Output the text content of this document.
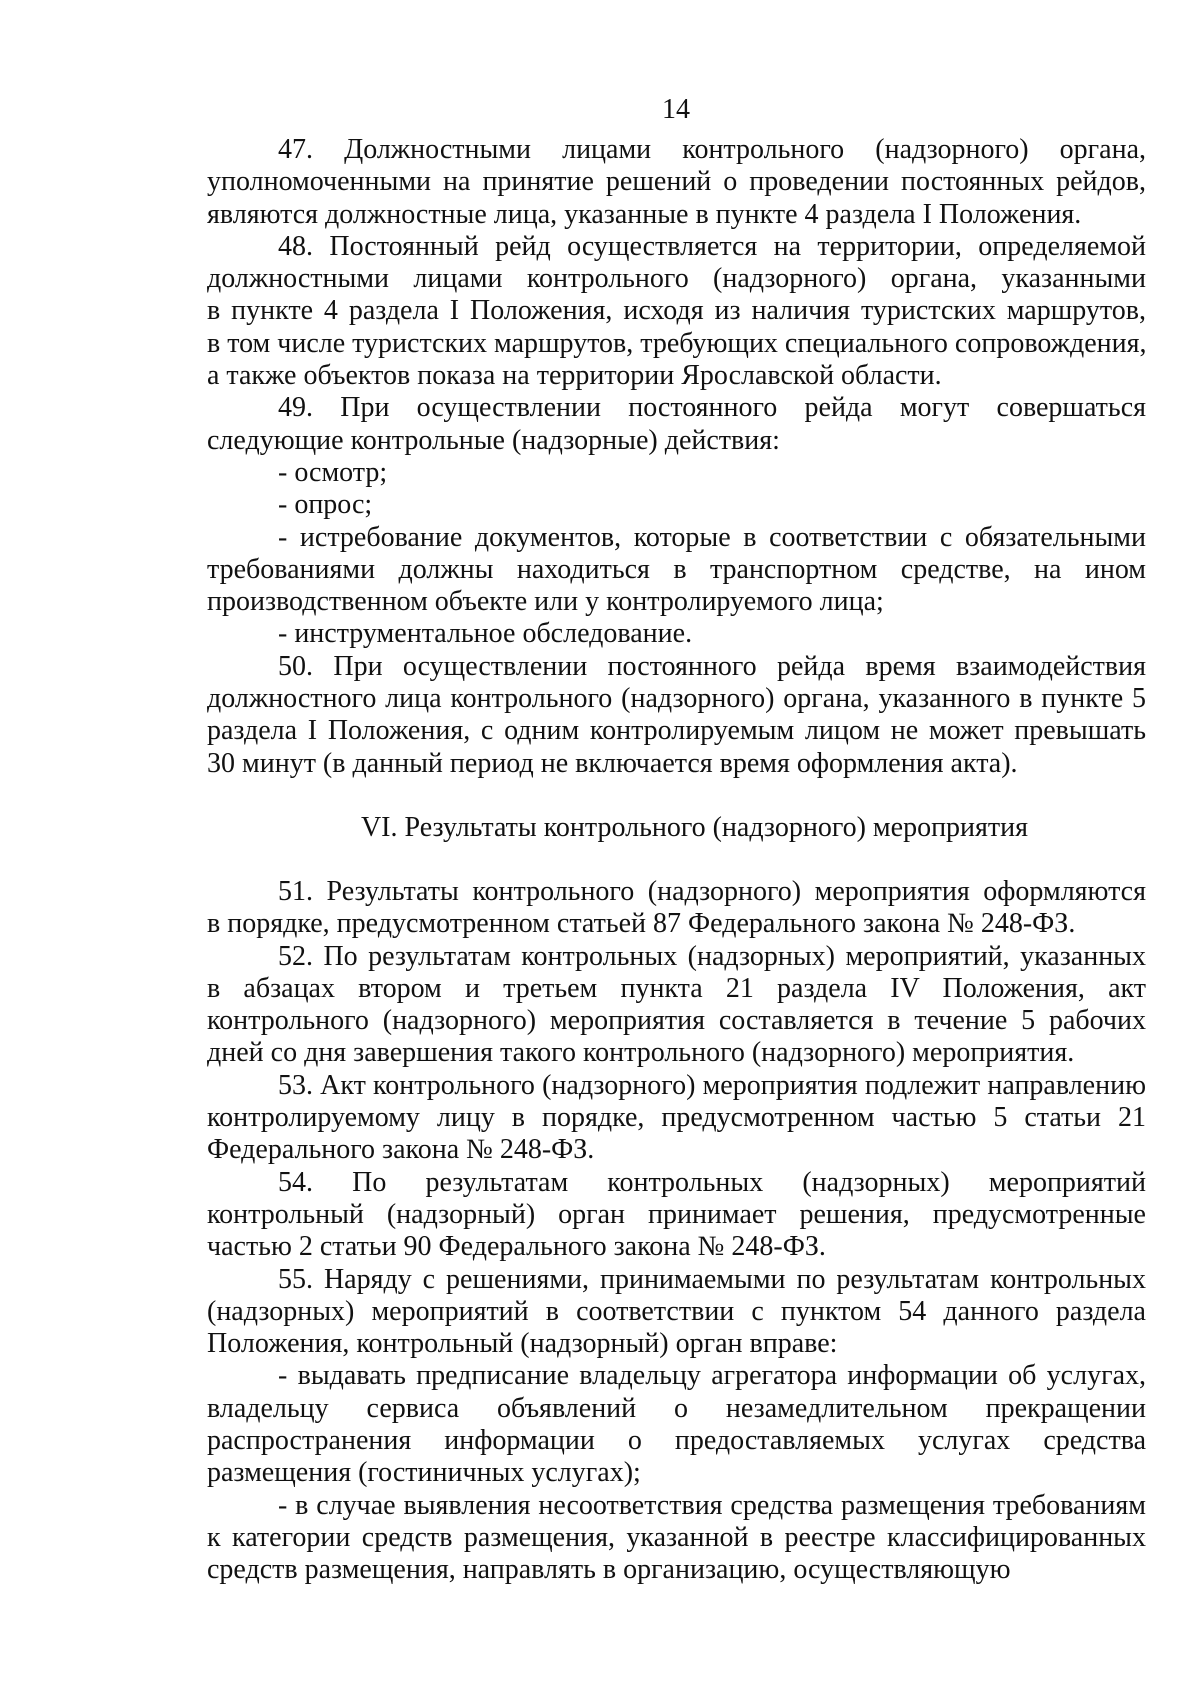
14
47. Должностными лицами контрольного (надзорного) органа,
уполномоченными на принятие решений о проведении постоянных рейдов,
являются должностные лица, указанные в пункте 4 раздела I Положения.
48. Постоянный рейд осуществляется на территории, определяемой
должностными лицами контрольного (надзорного) органа, указанными
в пункте 4 раздела I Положения, исходя из наличия туристских маршрутов,
в том числе туристских маршрутов, требующих специального сопровождения,
а также объектов показа на территории Ярославской области.
49. При осуществлении постоянного рейда могут совершаться
следующие контрольные (надзорные) действия:
- осмотр;
- опрос;
- истребование документов, которые в соответствии с обязательными
требованиями должны находиться в транспортном средстве, на ином
производственном объекте или у контролируемого лица;
- инструментальное обследование.
50. При осуществлении постоянного рейда время взаимодействия
должностного лица контрольного (надзорного) органа, указанного в пункте 5
раздела I Положения, с одним контролируемым лицом не может превышать
30 минут (в данный период не включается время оформления акта).
VI. Результаты контрольного (надзорного) мероприятия
51. Результаты контрольного (надзорного) мероприятия оформляются
в порядке, предусмотренном статьей 87 Федерального закона № 248-ФЗ.
52. По результатам контрольных (надзорных) мероприятий, указанных
в абзацах втором и третьем пункта 21 раздела IV Положения, акт
контрольного (надзорного) мероприятия составляется в течение 5 рабочих
дней со дня завершения такого контрольного (надзорного) мероприятия.
53. Акт контрольного (надзорного) мероприятия подлежит направлению
контролируемому лицу в порядке, предусмотренном частью 5 статьи 21
Федерального закона № 248-ФЗ.
54. По результатам контрольных (надзорных) мероприятий
контрольный (надзорный) орган принимает решения, предусмотренные
частью 2 статьи 90 Федерального закона № 248-ФЗ.
55. Наряду с решениями, принимаемыми по результатам контрольных
(надзорных) мероприятий в соответствии с пунктом 54 данного раздела
Положения, контрольный (надзорный) орган вправе:
- выдавать предписание владельцу агрегатора информации об услугах,
владельцу сервиса объявлений о незамедлительном прекращении
распространения информации о предоставляемых услугах средства
размещения (гостиничных услугах);
- в случае выявления несоответствия средства размещения требованиям
к категории средств размещения, указанной в реестре классифицированных
средств размещения, направлять в организацию, осуществляющую
